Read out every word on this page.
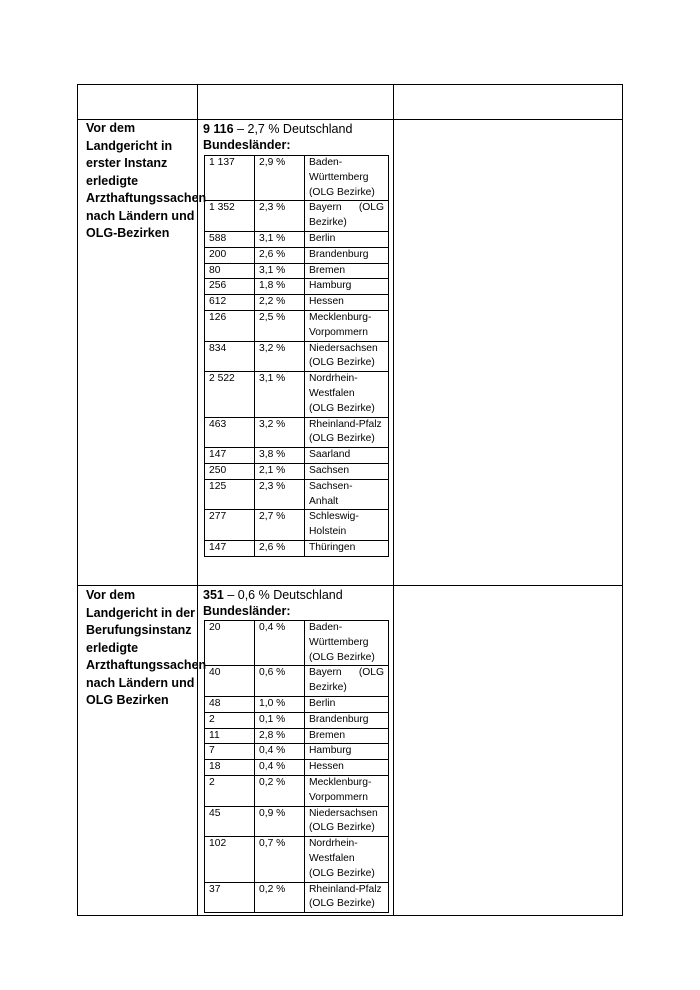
Vor dem Landgericht in erster Instanz erledigte Arzthaftungssachen nach Ländern und OLG-Bezirken
9 116 – 2,7 % Deutschland
Bundesländer:
1 137	2,9 %	Baden-
Württemberg
(OLG Bezirke)
1 352	2,3 %	Bayern (OLG Bezirke)
588	3,1 %	Berlin
200	2,6 %	Brandenburg
80	3,1 %	Bremen
256	1,8 %	Hamburg
612	2,2 %	Hessen
126	2,5 %	Mecklenburg-
Vorpommern
834	3,2 %	Niedersachsen (OLG Bezirke)
2 522	3,1 %	Nordrhein-
Westfalen
(OLG Bezirke)
463	3,2 %	Rheinland-Pfalz (OLG Bezirke)
147	3,8 %	Saarland
250	2,1 %	Sachsen
125	2,3 %	Sachsen-
Anhalt
277	2,7 %	Schleswig-
Holstein
147	2,6 %	Thüringen
Vor dem Landgericht in der Berufungsinstanz erledigte Arzthaftungssachen nach Ländern und OLG Bezirken
351 – 0,6 % Deutschland
Bundesländer:
20	0,4 %	Baden-
Württemberg
(OLG Bezirke)
40	0,6 %	Bayern (OLG Bezirke)
48	1,0 %	Berlin
2	0,1 %	Brandenburg
11	2,8 %	Bremen
7	0,4 %	Hamburg
18	0,4 %	Hessen
2	0,2 %	Mecklenburg-
Vorpommern
45	0,9 %	Niedersachsen (OLG Bezirke)
102	0,7 %	Nordrhein-
Westfalen
(OLG Bezirke)
37	0,2 %	Rheinland-Pfalz (OLG Bezirke)
